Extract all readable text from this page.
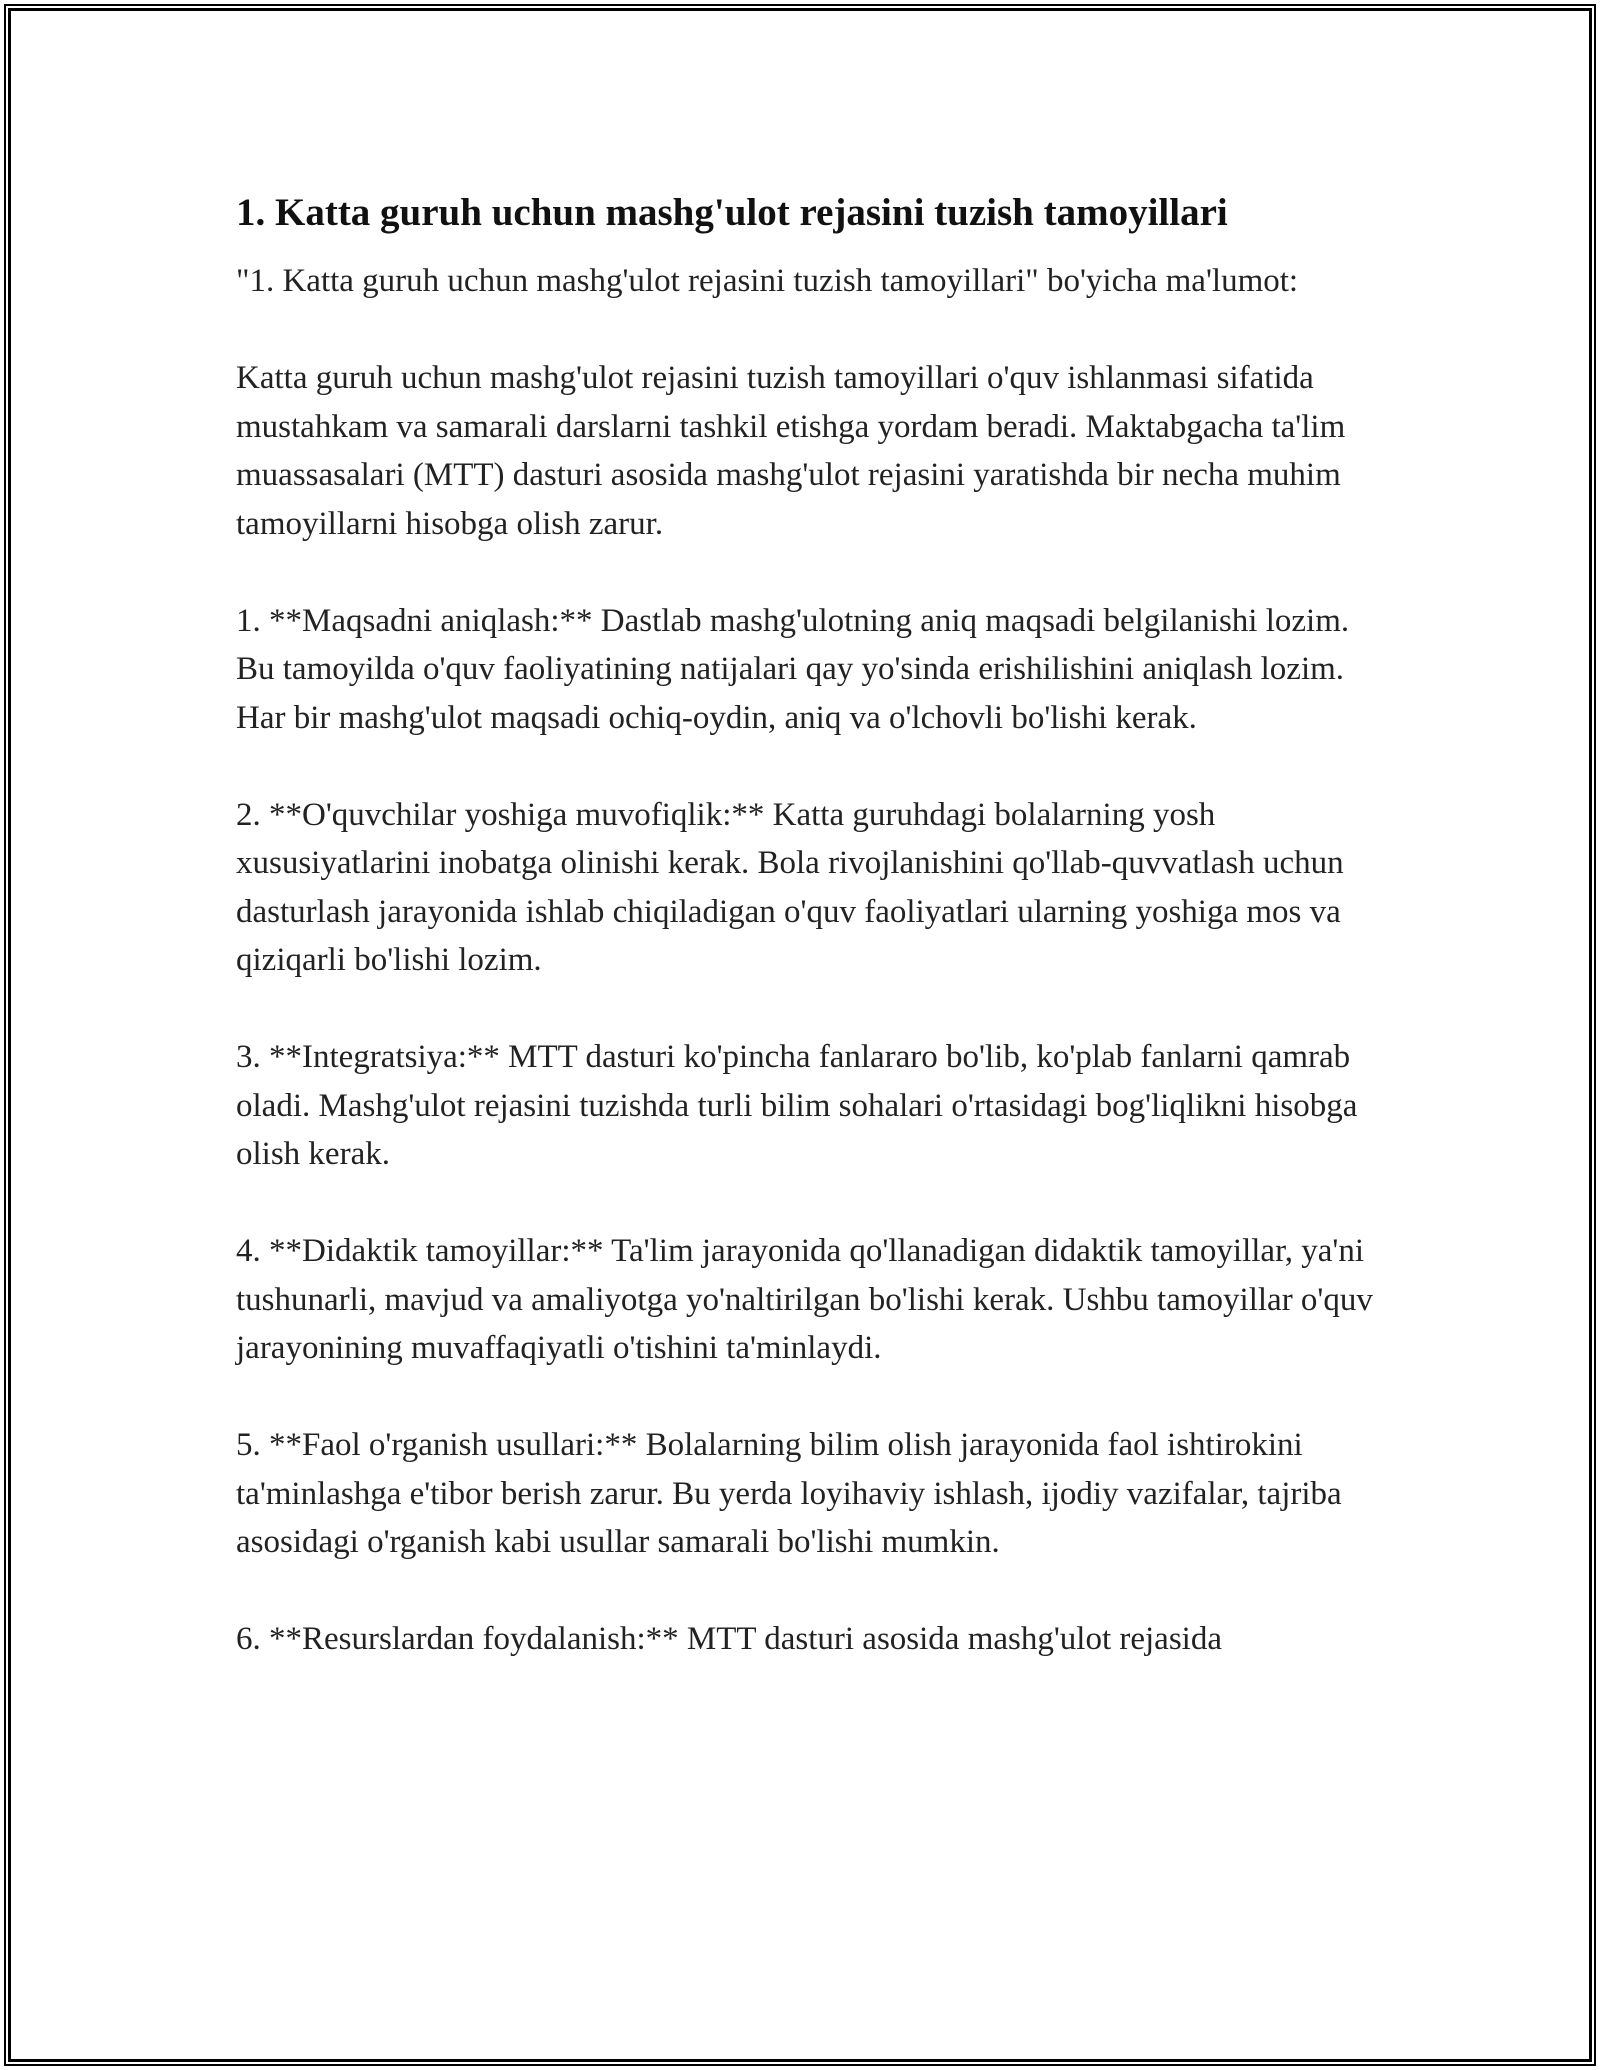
1. Katta guruh uchun mashg'ulot rejasini tuzish tamoyillari

"1. Katta guruh uchun mashg'ulot rejasini tuzish tamoyillari" bo'yicha ma'lumot:

Katta guruh uchun mashg'ulot rejasini tuzish tamoyillari o'quv ishlanmasi sifatida mustahkam va samarali darslarni tashkil etishga yordam beradi. Maktabgacha ta'lim muassasalari (MTT) dasturi asosida mashg'ulot rejasini yaratishda bir necha muhim tamoyillarni hisobga olish zarur.

1. **Maqsadni aniqlash:** Dastlab mashg'ulotning aniq maqsadi belgilanishi lozim. Bu tamoyilda o'quv faoliyatining natijalari qay yo'sinda erishilishini aniqlash lozim. Har bir mashg'ulot maqsadi ochiq-oydin, aniq va o'lchovli bo'lishi kerak.

2. **O'quvchilar yoshiga muvofiqlik:** Katta guruhdagi bolalarning yosh xususiyatlarini inobatga olinishi kerak. Bola rivojlanishini qo'llab-quvvatlash uchun dasturlash jarayonida ishlab chiqiladigan o'quv faoliyatlari ularning yoshiga mos va qiziqarli bo'lishi lozim.

3. **Integratsiya:** MTT dasturi ko'pincha fanlararo bo'lib, ko'plab fanlarni qamrab oladi. Mashg'ulot rejasini tuzishda turli bilim sohalari o'rtasidagi bog'liqlikni hisobga olish kerak.

4. **Didaktik tamoyillar:** Ta'lim jarayonida qo'llanadigan didaktik tamoyillar, ya'ni tushunarli, mavjud va amaliyotga yo'naltirilgan bo'lishi kerak. Ushbu tamoyillar o'quv jarayonining muvaffaqiyatli o'tishini ta'minlaydi.

5. **Faol o'rganish usullari:** Bolalarning bilim olish jarayonida faol ishtirokini ta'minlashga e'tibor berish zarur. Bu yerda loyihaviy ishlash, ijodiy vazifalar, tajriba asosidagi o'rganish kabi usullar samarali bo'lishi mumkin.

6. **Resurslardan foydalanish:** MTT dasturi asosida mashg'ulot rejasida
